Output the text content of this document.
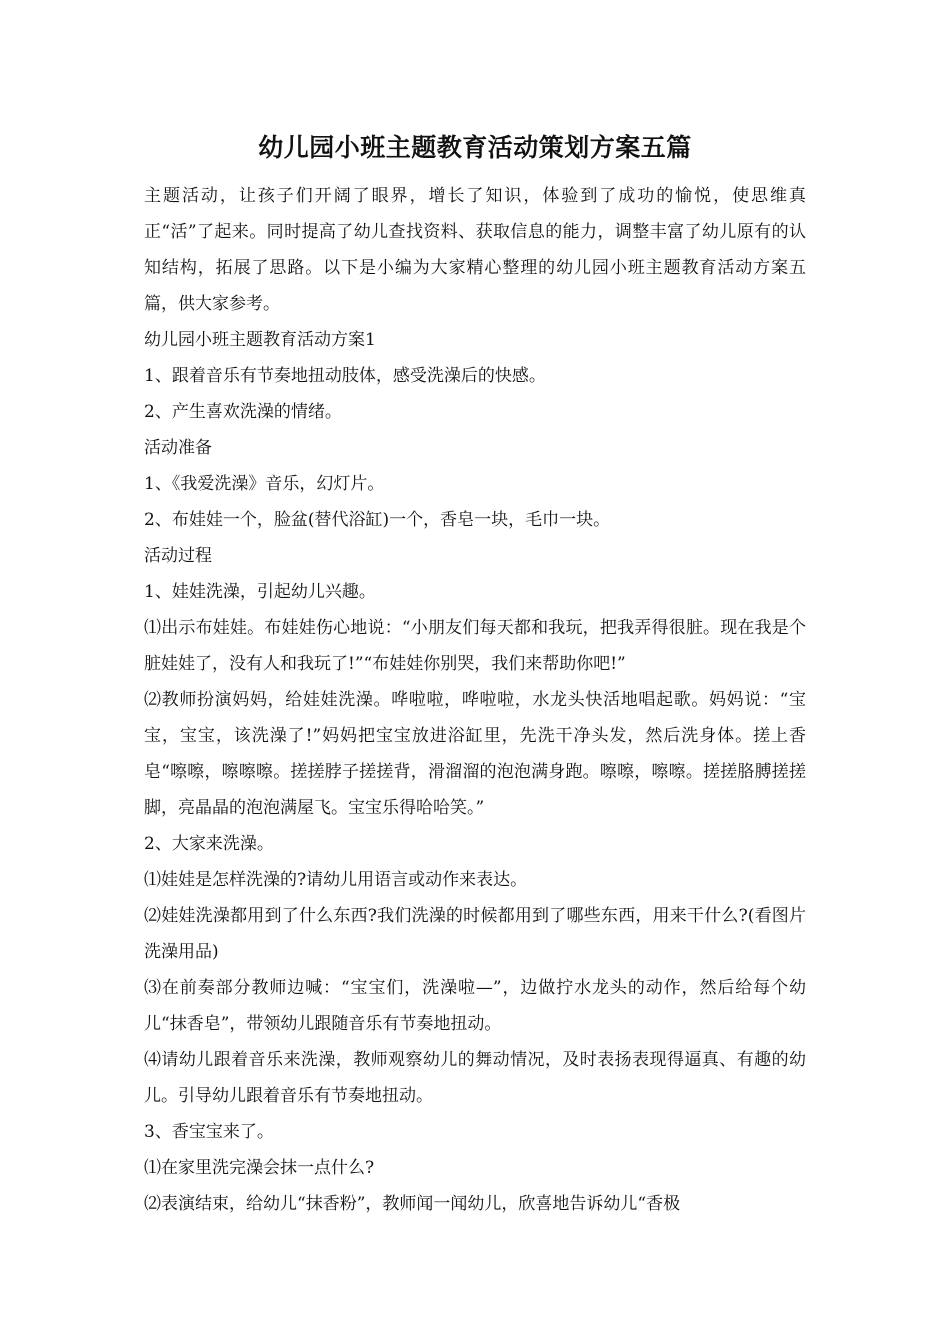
幼儿园小班主题教育活动策划方案五篇

主题活动，让孩子们开阔了眼界，增长了知识，体验到了成功的愉悦，使思维真正“活”了起来。同时提高了幼儿查找资料、获取信息的能力，调整丰富了幼儿原有的认知结构，拓展了思路。以下是小编为大家精心整理的幼儿园小班主题教育活动方案五篇，供大家参考。

幼儿园小班主题教育活动方案1

1、跟着音乐有节奏地扭动肢体，感受洗澡后的快感。

2、产生喜欢洗澡的情绪。

活动准备

1、《我爱洗澡》音乐，幻灯片。

2、布娃娃一个，脸盆(替代浴缸)一个，香皂一块，毛巾一块。

活动过程

1、娃娃洗澡，引起幼儿兴趣。

⑴出示布娃娃。布娃娃伤心地说：“小朋友们每天都和我玩，把我弄得很脏。现在我是个脏娃娃了，没有人和我玩了!”“布娃娃你别哭，我们来帮助你吧!”

⑵教师扮演妈妈，给娃娃洗澡。哗啦啦，哗啦啦，水龙头快活地唱起歌。妈妈说：“宝宝，宝宝，该洗澡了!”妈妈把宝宝放进浴缸里，先洗干净头发，然后洗身体。搓上香皂“嚓嚓，嚓嚓嚓。搓搓脖子搓搓背，滑溜溜的泡泡满身跑。嚓嚓，嚓嚓。搓搓胳膊搓搓脚，亮晶晶的泡泡满屋飞。宝宝乐得哈哈笑。”

2、大家来洗澡。

⑴娃娃是怎样洗澡的?请幼儿用语言或动作来表达。

⑵娃娃洗澡都用到了什么东西?我们洗澡的时候都用到了哪些东西，用来干什么?(看图片洗澡用品)

⑶在前奏部分教师边喊：“宝宝们，洗澡啦—”，边做拧水龙头的动作，然后给每个幼儿“抹香皂”，带领幼儿跟随音乐有节奏地扭动。

⑷请幼儿跟着音乐来洗澡，教师观察幼儿的舞动情况，及时表扬表现得逼真、有趣的幼儿。引导幼儿跟着音乐有节奏地扭动。

3、香宝宝来了。

⑴在家里洗完澡会抹一点什么?

⑵表演结束，给幼儿“抹香粉”，教师闻一闻幼儿，欣喜地告诉幼儿“香极
